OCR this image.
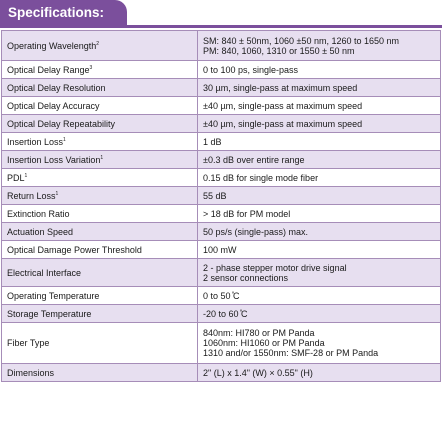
Specifications:
Operating Wavelength$^2$	SM: 840 ± 50nm, 1060 ±50 nm, 1260 to 1650 nm
PM: 840, 1060, 1310 or 1550 ± 50 nm

Optical Delay Range$^3$	0 to 100 ps, single-pass

Optical Delay Resolution	30 µm, single-pass at maximum speed

Optical Delay Accuracy	±40 µm, single-pass at maximum speed

Optical Delay Repeatability	±40 µm, single-pass at maximum speed

Insertion Loss$^1$	1 dB

Insertion Loss Variation$^1$	±0.3 dB over entire range

PDL$^1$	0.15 dB for single mode fiber

Return Loss$^1$	55 dB

Extinction Ratio	> 18 dB for PM model

Actuation Speed	50 ps/s (single-pass) max.

Optical Damage Power Threshold	100 mW

Electrical Interface	2 - phase stepper motor drive signal
2 sensor connections

Operating Temperature	0 to 50 ̊C

Storage Temperature	-20 to 60 ̊C

Fiber Type	840nm: HI780 or PM Panda
1060nm: HI1060 or PM Panda
1310 and/or 1550nm: SMF-28 or PM Panda

Dimensions	2" (L) x 1.4" (W) × 0.55" (H)
